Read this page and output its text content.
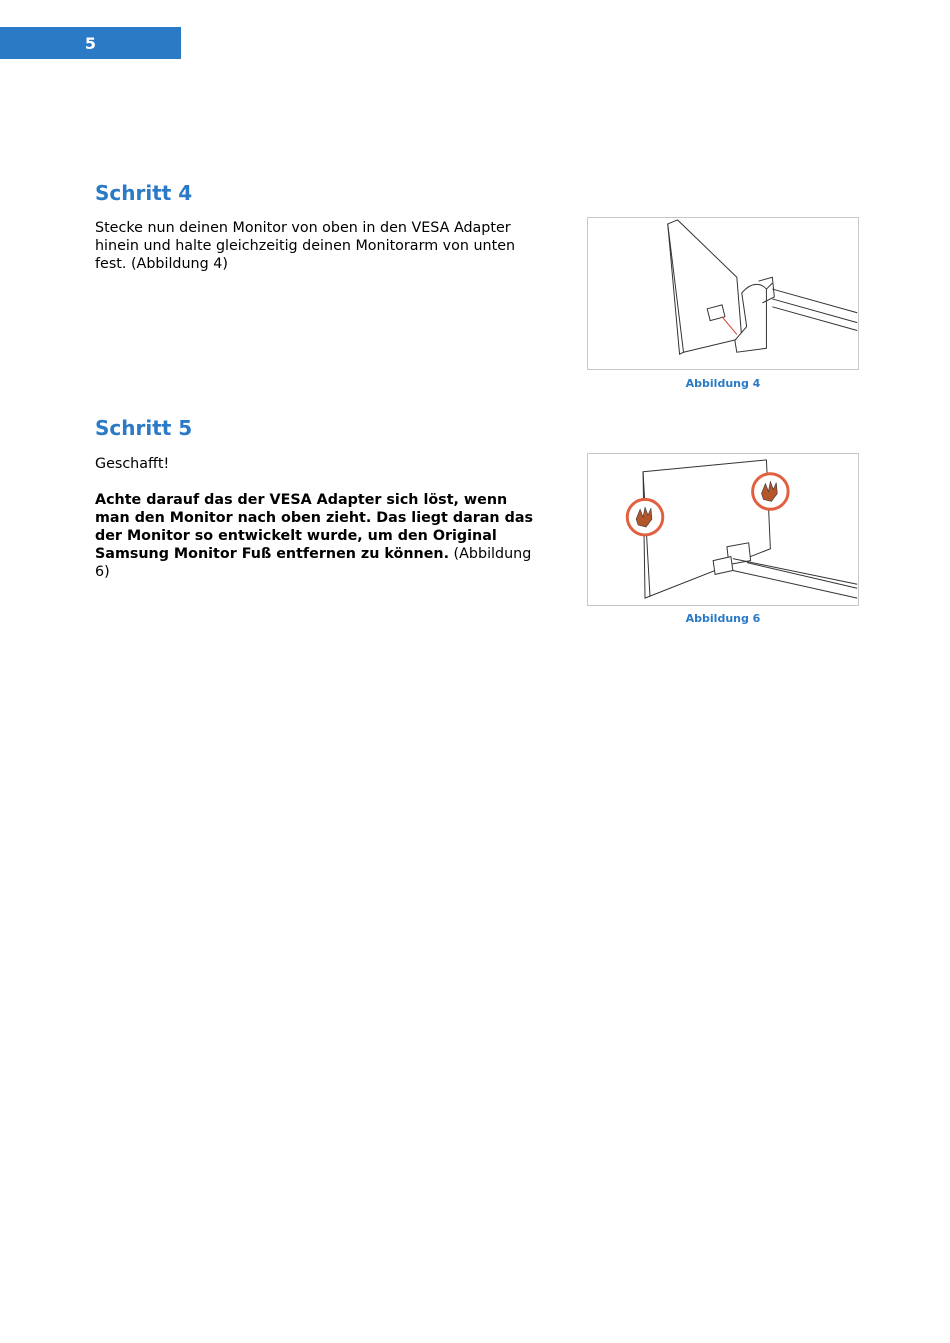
5
Schritt 4

Stecke nun deinen Monitor von oben in den VESA Adapter hinein und halte gleichzeitig deinen Monitorarm von unten fest. (Abbildung 4)

Abbildung 4
Schritt 5

Geschafft!

Achte darauf das der VESA Adapter sich löst, wenn man den Monitor nach oben zieht. Das liegt daran das der Monitor so entwickelt wurde, um den Original Samsung Monitor Fuß entfernen zu können. (Abbildung 6)

Abbildung 6
